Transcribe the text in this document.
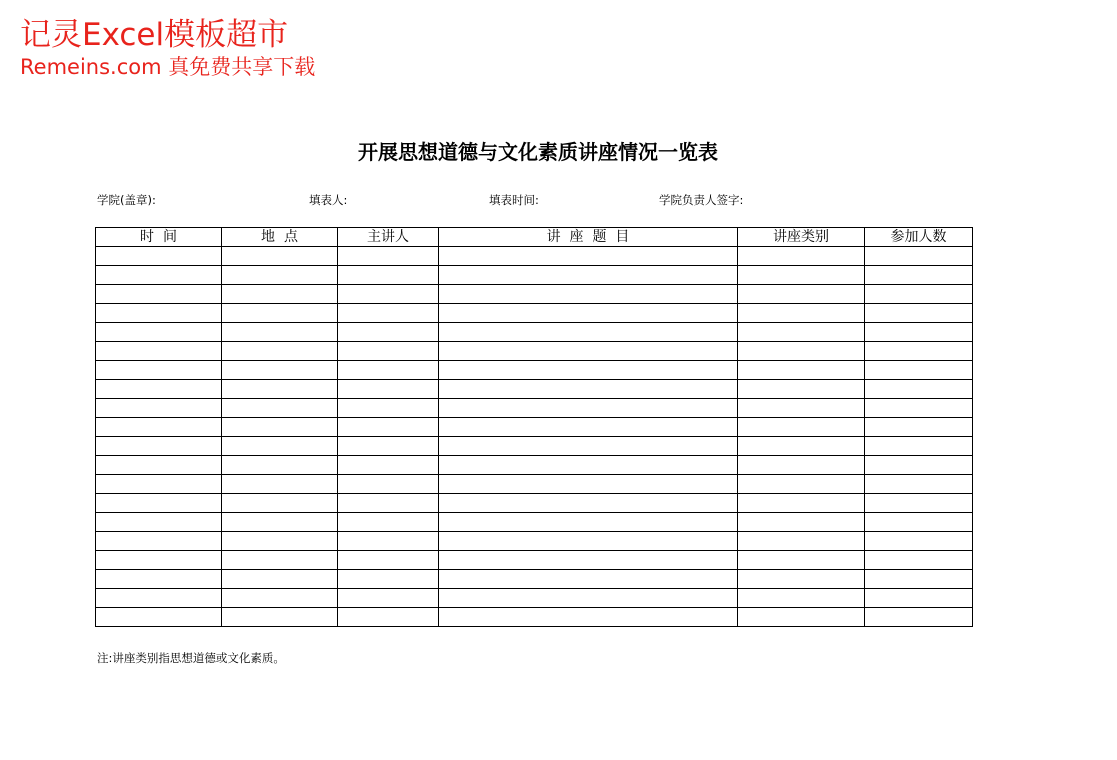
记灵Excel模板超市
Remeins.com 真免费共享下载
开展思想道德与文化素质讲座情况一览表
学院(盖章):	填表人:	填表时间:	学院负责人签字:
时  间	地  点	主讲人	讲  座  题  目	讲座类别	参加人数

注:讲座类别指思想道德或文化素质。
